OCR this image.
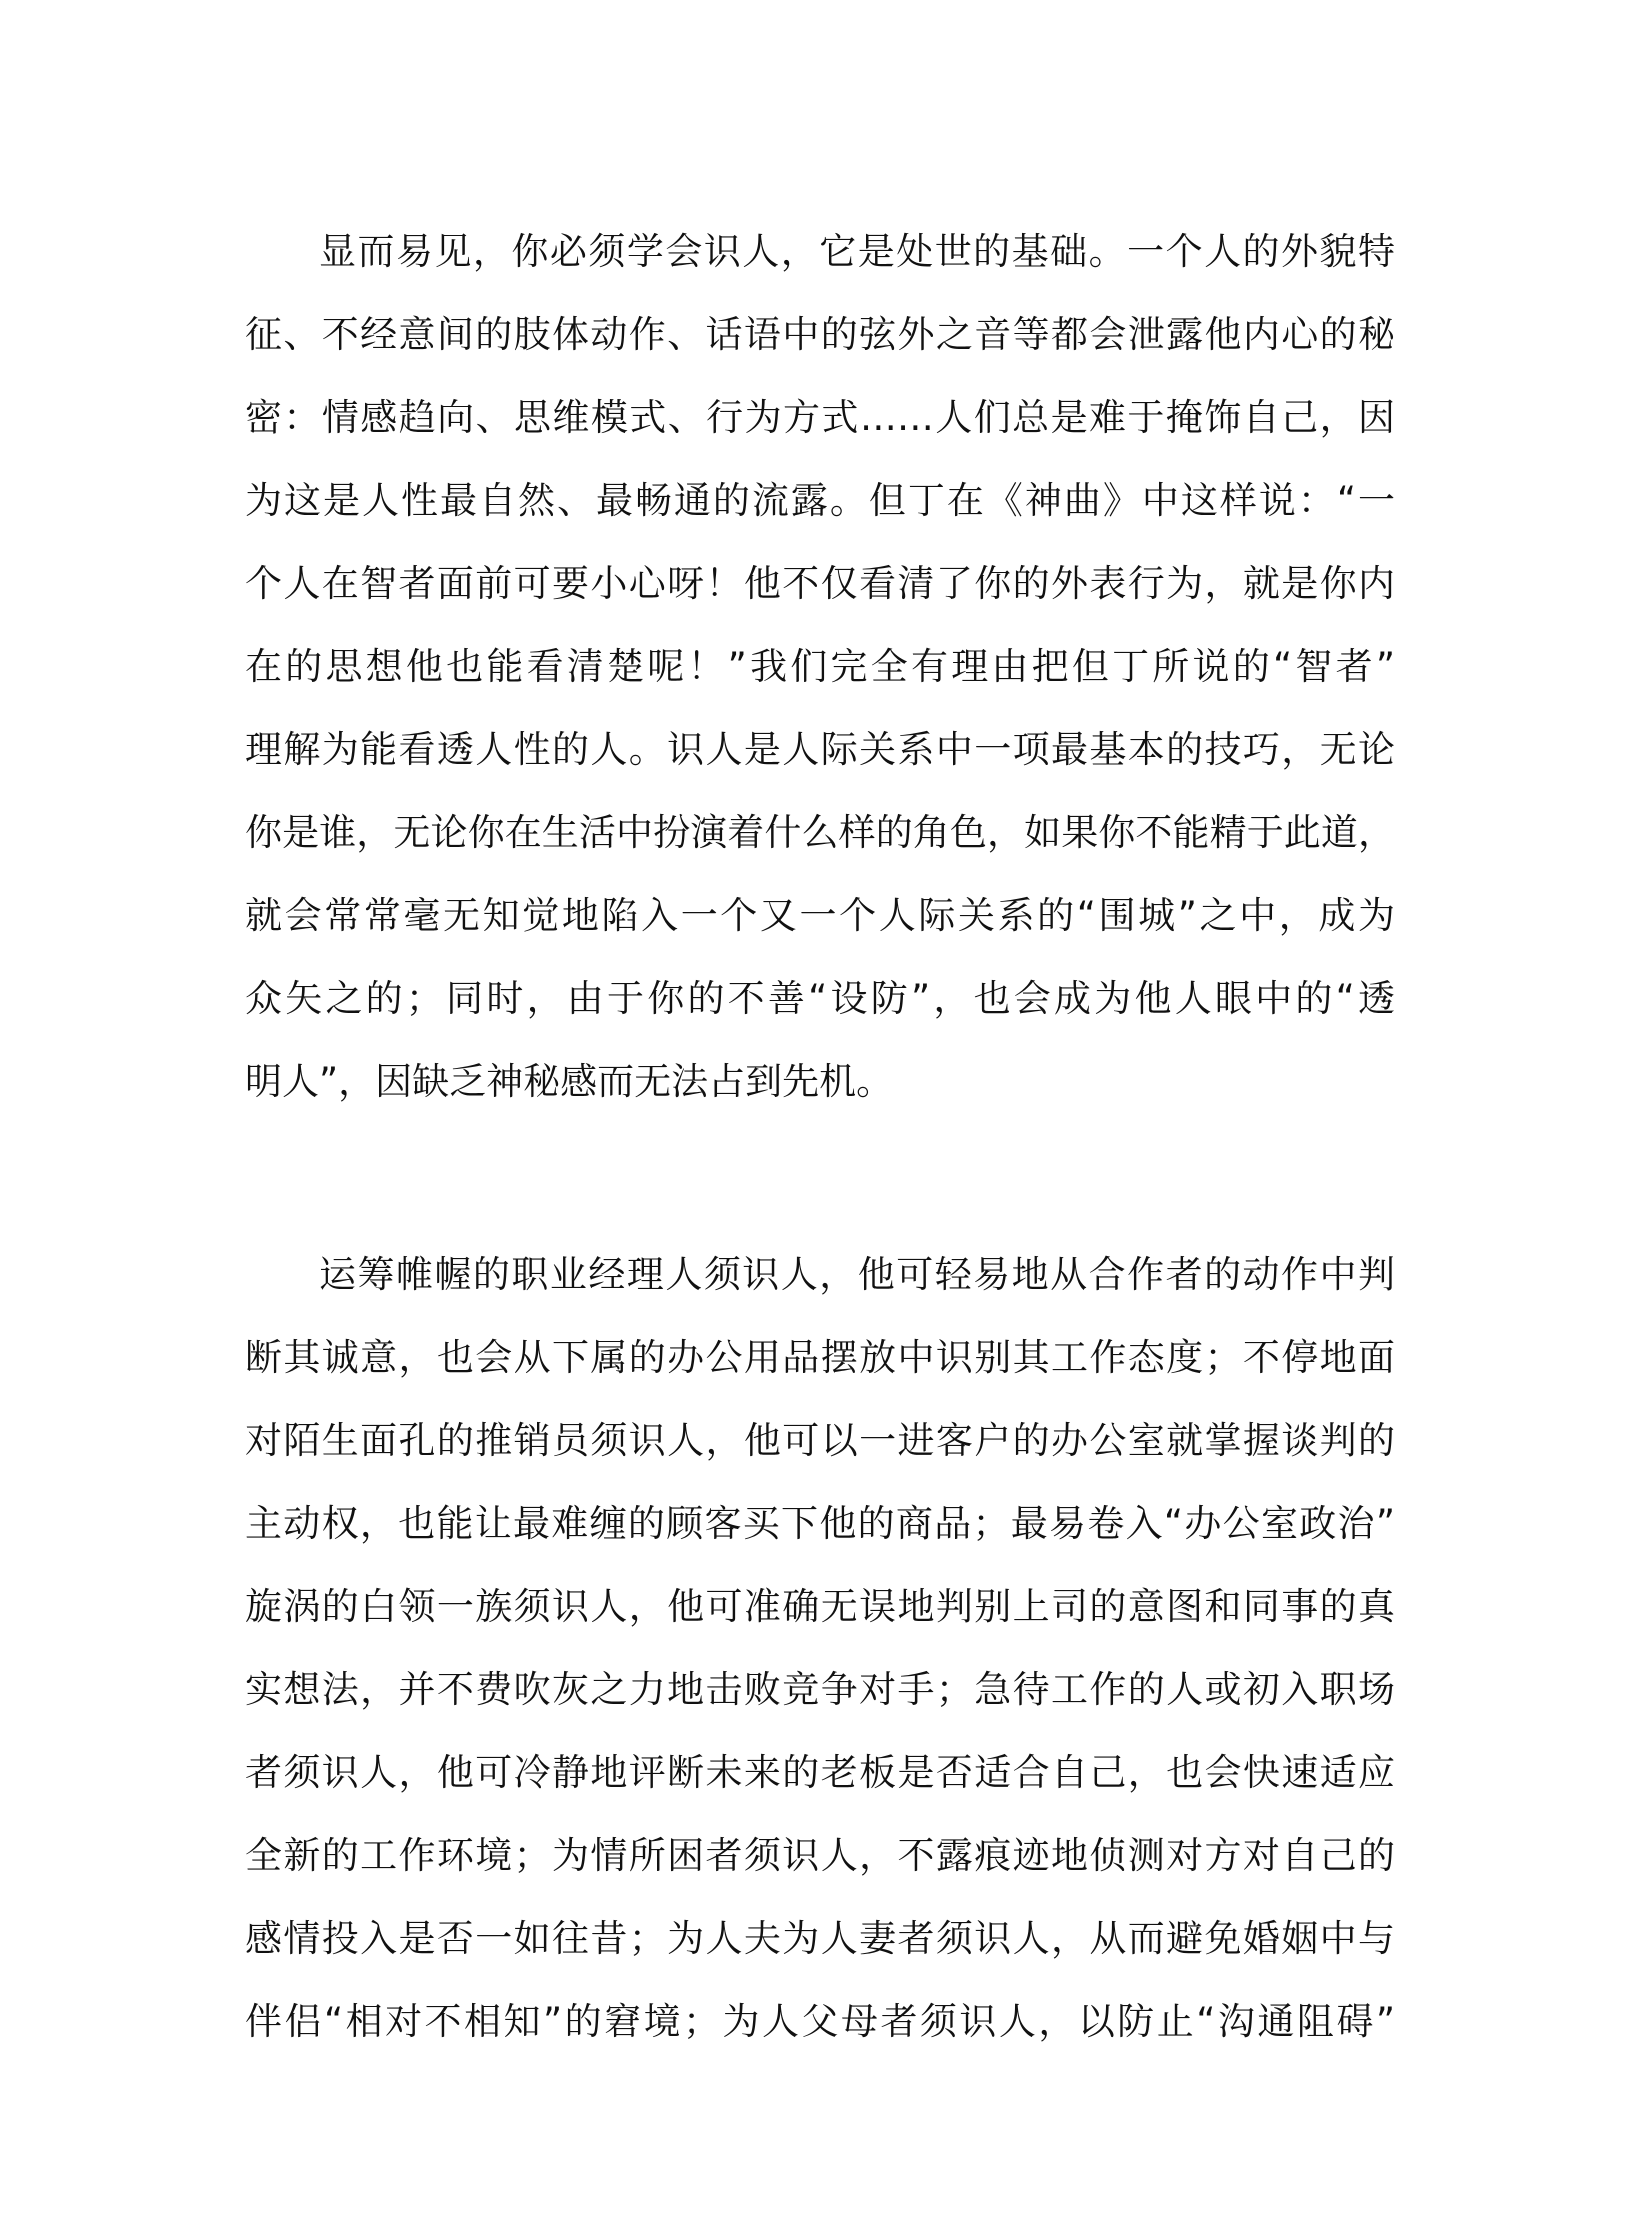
显而易见，你必须学会识人，它是处世的基础。一个人的外貌特
征、不经意间的肢体动作、话语中的弦外之音等都会泄露他内心的秘
密：情感趋向、思维模式、行为方式……人们总是难于掩饰自己，因
为这是人性最自然、最畅通的流露。但丁在《神曲》中这样说：“一
个人在智者面前可要小心呀！他不仅看清了你的外表行为，就是你内
在的思想他也能看清楚呢！”我们完全有理由把但丁所说的“智者”
理解为能看透人性的人。识人是人际关系中一项最基本的技巧，无论
你是谁，无论你在生活中扮演着什么样的角色，如果你不能精于此道，
就会常常毫无知觉地陷入一个又一个人际关系的“围城”之中，成为
众矢之的；同时，由于你的不善“设防”，也会成为他人眼中的“透
明人”，因缺乏神秘感而无法占到先机。

运筹帷幄的职业经理人须识人，他可轻易地从合作者的动作中判
断其诚意，也会从下属的办公用品摆放中识别其工作态度；不停地面
对陌生面孔的推销员须识人，他可以一进客户的办公室就掌握谈判的
主动权，也能让最难缠的顾客买下他的商品；最易卷入“办公室政治”
旋涡的白领一族须识人，他可准确无误地判别上司的意图和同事的真
实想法，并不费吹灰之力地击败竞争对手；急待工作的人或初入职场
者须识人，他可冷静地评断未来的老板是否适合自己，也会快速适应
全新的工作环境；为情所困者须识人，不露痕迹地侦测对方对自己的
感情投入是否一如往昔；为人夫为人妻者须识人，从而避免婚姻中与
伴侣“相对不相知”的窘境；为人父母者须识人，以防止“沟通阻碍”
